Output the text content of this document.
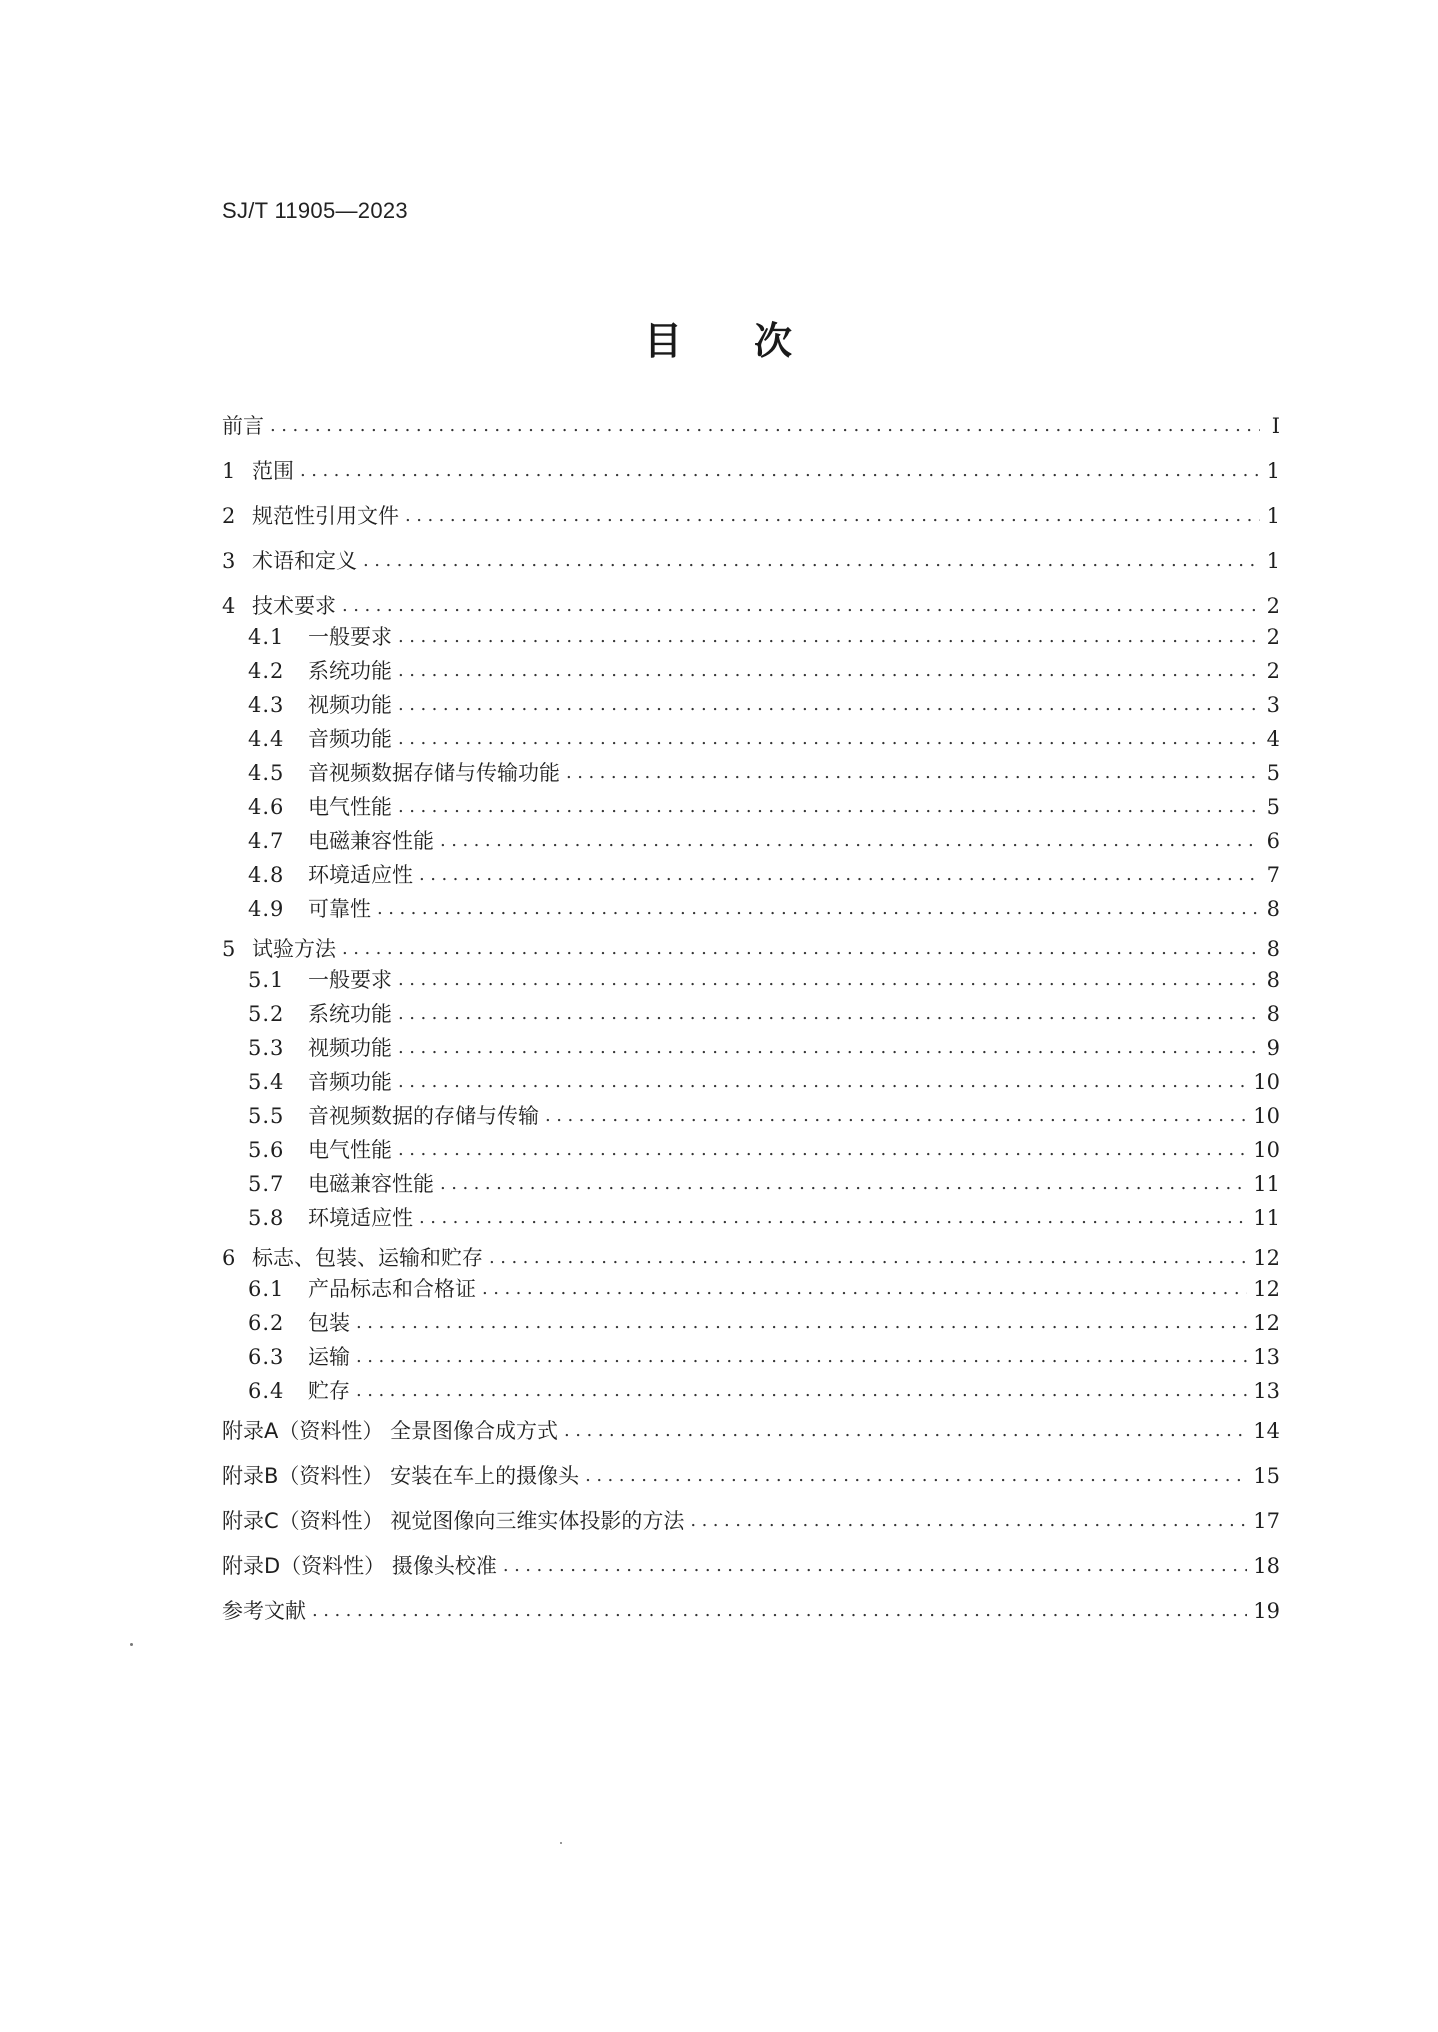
SJ/T 11905—2023
目 次
前言 .....	I
1 范围 .....	1
2 规范性引用文件 .....	1
3 术语和定义 .....	1
4 技术要求 .....	2
4.1	一般要求 .....	2
4.2	系统功能 .....	2
4.3	视频功能 .....	3
4.4	音频功能 .....	4
4.5	音视频数据存储与传输功能 .....	5
4.6	电气性能 .....	5
4.7	电磁兼容性能 .....	6
4.8	环境适应性 .....	7
4.9	可靠性 .....	8
5 试验方法 .....	8
5.1	一般要求 .....	8
5.2	系统功能 .....	8
5.3	视频功能 .....	9
5.4	音频功能 .....	10
5.5	音视频数据的存储与传输 .....	10
5.6	电气性能 .....	10
5.7	电磁兼容性能 .....	11
5.8	环境适应性 .....	11
6 标志、包装、运输和贮存 .....	12
6.1	产品标志和合格证 .....	12
6.2	包装 .....	12
6.3	运输 .....	13
6.4	贮存 .....	13
附录A（资料性） 全景图像合成方式 .....	14
附录B（资料性） 安装在车上的摄像头 .....	15
附录C（资料性） 视觉图像向三维实体投影的方法 .....	17
附录D（资料性） 摄像头校准 .....	18
参考文献 .....	19
